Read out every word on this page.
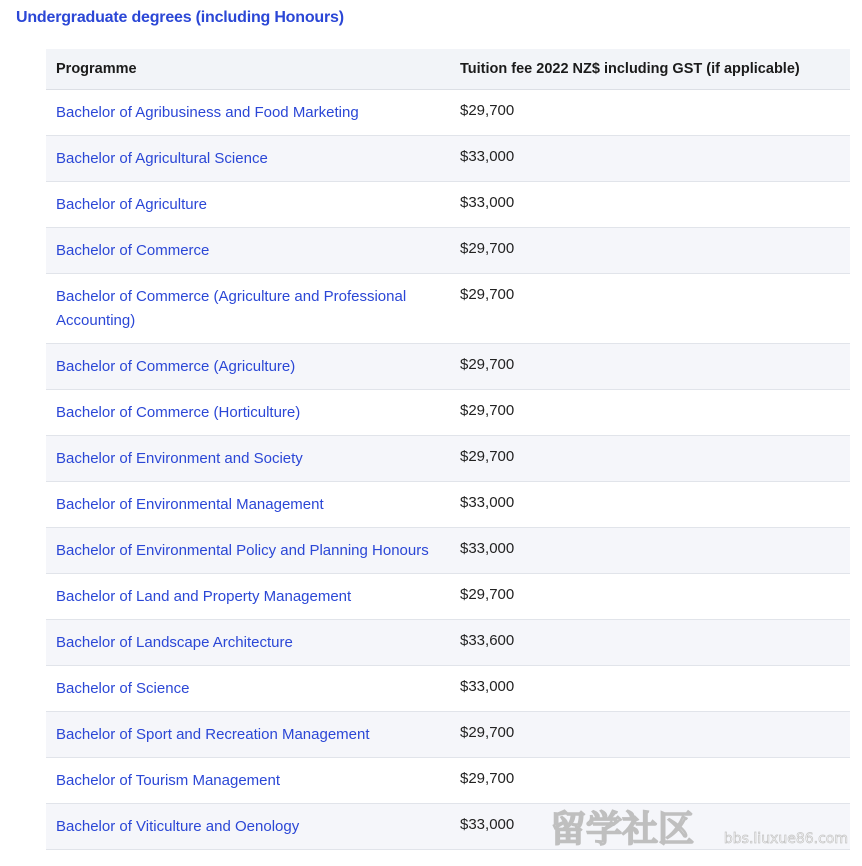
Undergraduate degrees (including Honours)
Programme	Tuition fee 2022 NZ$ including GST (if applicable)
Bachelor of Agribusiness and Food Marketing	$29,700
Bachelor of Agricultural Science	$33,000
Bachelor of Agriculture	$33,000
Bachelor of Commerce	$29,700
Bachelor of Commerce (Agriculture and Professional Accounting)	$29,700
Bachelor of Commerce (Agriculture)	$29,700
Bachelor of Commerce (Horticulture)	$29,700
Bachelor of Environment and Society	$29,700
Bachelor of Environmental Management	$33,000
Bachelor of Environmental Policy and Planning Honours	$33,000
Bachelor of Land and Property Management	$29,700
Bachelor of Landscape Architecture	$33,600
Bachelor of Science	$33,000
Bachelor of Sport and Recreation Management	$29,700
Bachelor of Tourism Management	$29,700
Bachelor of Viticulture and Oenology	$33,000 留学社区
bbs.liuxue86.com
